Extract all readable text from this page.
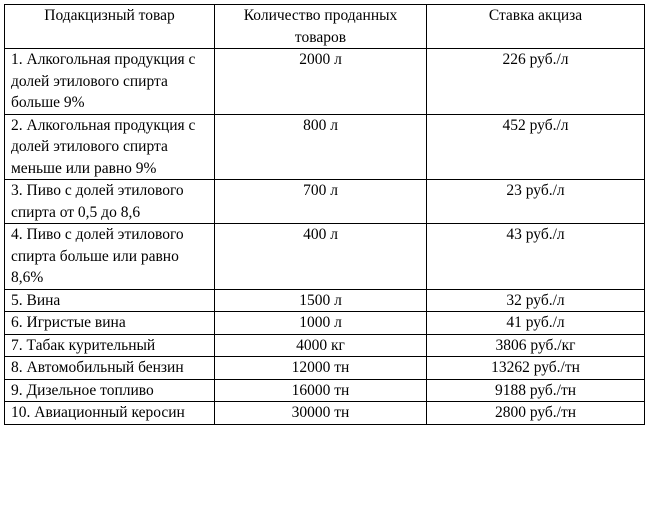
Подакцизный товар	Количество проданных товаров	Ставка акциза
1. Алкогольная продукция с долей этилового спирта больше 9%	2000 л	226 руб./л
2. Алкогольная продукция с долей этилового спирта меньше или равно 9%	800 л	452 руб./л
3. Пиво с долей этилового спирта от 0,5 до 8,6	700 л	23 руб./л
4. Пиво с долей этилового спирта больше или равно 8,6%	400 л	43 руб./л
5. Вина	1500 л	32 руб./л
6. Игристые вина	1000 л	41 руб./л
7. Табак курительный	4000 кг	3806 руб./кг
8. Автомобильный бензин	12000 тн	13262 руб./тн
9. Дизельное топливо	16000 тн	9188 руб./тн
10. Авиационный керосин	30000 тн	2800 руб./тн
